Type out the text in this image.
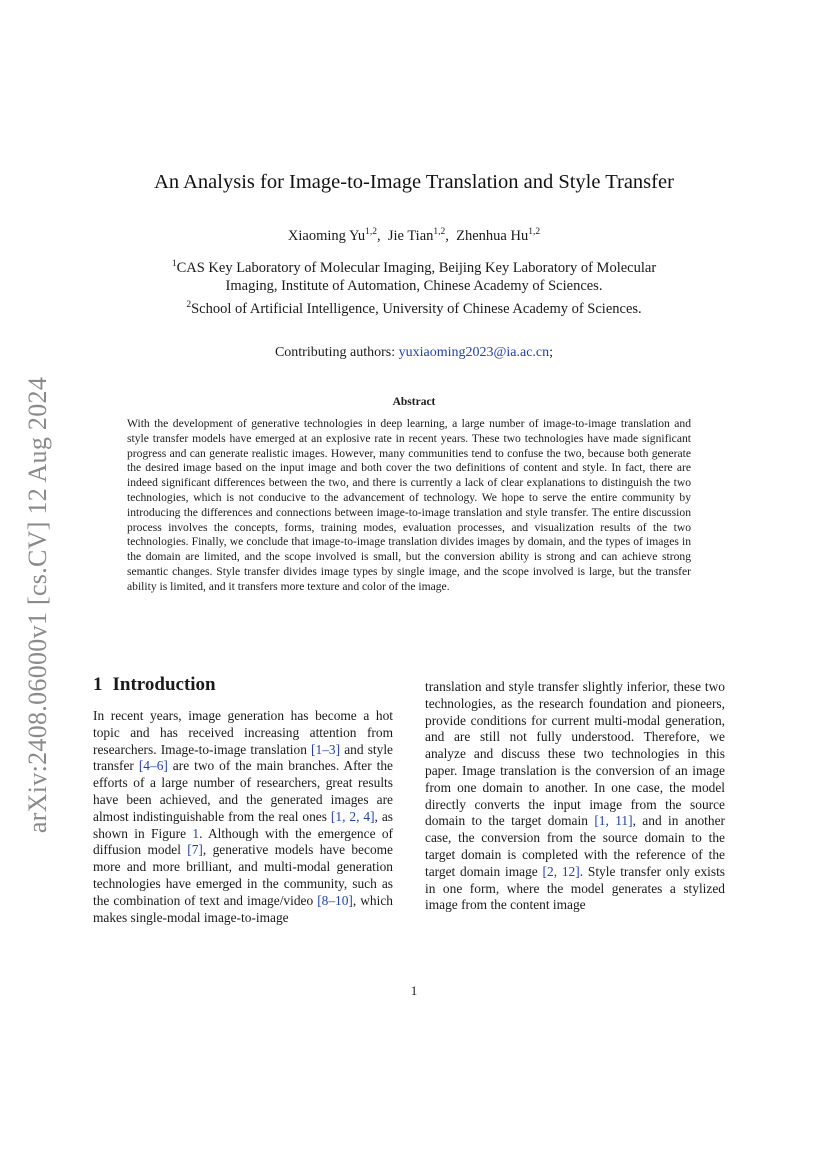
arXiv:2408.06000v1 [cs.CV] 12 Aug 2024
An Analysis for Image-to-Image Translation and Style Transfer
Xiaoming Yu$^{1,2}$,  Jie Tian$^{1,2}$,  Zhenhua Hu$^{1,2}$
$^1$CAS Key Laboratory of Molecular Imaging, Beijing Key Laboratory of Molecular
Imaging, Institute of Automation, Chinese Academy of Sciences.
$^2$School of Artificial Intelligence, University of Chinese Academy of Sciences.
Contributing authors: yuxiaoming2023@ia.ac.cn;
Abstract
With the development of generative technologies in deep learning, a large number of image-to-image translation and style transfer models have emerged at an explosive rate in recent years. These two technologies have made significant progress and can generate realistic images. However, many communities tend to confuse the two, because both generate the desired image based on the input image and both cover the two definitions of content and style. In fact, there are indeed significant differences between the two, and there is currently a lack of clear explanations to distinguish the two technologies, which is not conducive to the advancement of technology. We hope to serve the entire community by introducing the differences and connections between image-to-image translation and style transfer. The entire discussion process involves the concepts, forms, training modes, evaluation processes, and visualization results of the two technologies. Finally, we conclude that image-to-image translation divides images by domain, and the types of images in the domain are limited, and the scope involved is small, but the conversion ability is strong and can achieve strong semantic changes. Style transfer divides image types by single image, and the scope involved is large, but the transfer ability is limited, and it transfers more texture and color of the image.
1 Introduction
In recent years, image generation has become a hot topic and has received increasing attention from researchers. Image-to-image translation [1–3] and style transfer [4–6] are two of the main branches. After the efforts of a large number of researchers, great results have been achieved, and the generated images are almost indistinguishable from the real ones [1, 2, 4], as shown in Figure 1. Although with the emergence of diffusion model [7], generative models have become more and more brilliant, and multi-modal generation technologies have emerged in the community, such as the combination of text and image/video [8–10], which makes single-modal image-to-image
translation and style transfer slightly inferior, these two technologies, as the research foundation and pioneers, provide conditions for current multi-modal generation, and are still not fully understood. Therefore, we analyze and discuss these two technologies in this paper. Image translation is the conversion of an image from one domain to another. In one case, the model directly converts the input image from the source domain to the target domain [1, 11], and in another case, the conversion from the source domain to the target domain is completed with the reference of the target domain image [2, 12]. Style transfer only exists in one form, where the model generates a stylized image from the content image
1
